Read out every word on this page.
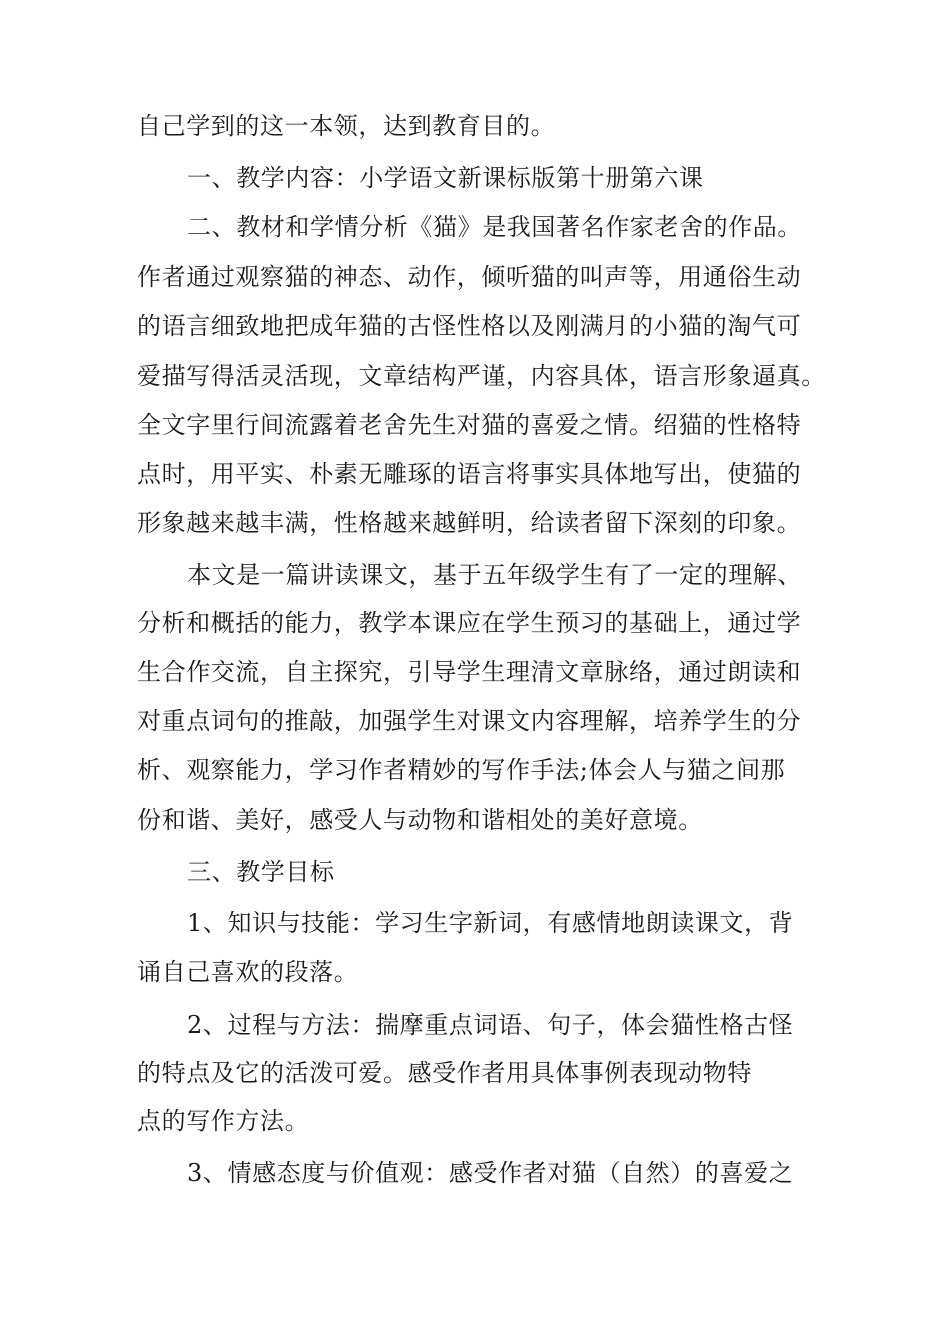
自己学到的这一本领，达到教育目的。
一、教学内容：小学语文新课标版第十册第六课
二、教材和学情分析《猫》是我国著名作家老舍的作品。
作者通过观察猫的神态、动作，倾听猫的叫声等，用通俗生动
的语言细致地把成年猫的古怪性格以及刚满月的小猫的淘气可
爱描写得活灵活现，文章结构严谨，内容具体，语言形象逼真。
全文字里行间流露着老舍先生对猫的喜爱之情。绍猫的性格特
点时，用平实、朴素无雕琢的语言将事实具体地写出，使猫的
形象越来越丰满，性格越来越鲜明，给读者留下深刻的印象。
本文是一篇讲读课文，基于五年级学生有了一定的理解、
分析和概括的能力，教学本课应在学生预习的基础上，通过学
生合作交流，自主探究，引导学生理清文章脉络，通过朗读和
对重点词句的推敲，加强学生对课文内容理解，培养学生的分
析、观察能力，学习作者精妙的写作手法;体会人与猫之间那
份和谐、美好，感受人与动物和谐相处的美好意境。
三、教学目标
1、知识与技能：学习生字新词，有感情地朗读课文，背
诵自己喜欢的段落。
2、过程与方法：揣摩重点词语、句子，体会猫性格古怪
的特点及它的活泼可爱。感受作者用具体事例表现动物特
点的写作方法。
3、情感态度与价值观：感受作者对猫（自然）的喜爱之
